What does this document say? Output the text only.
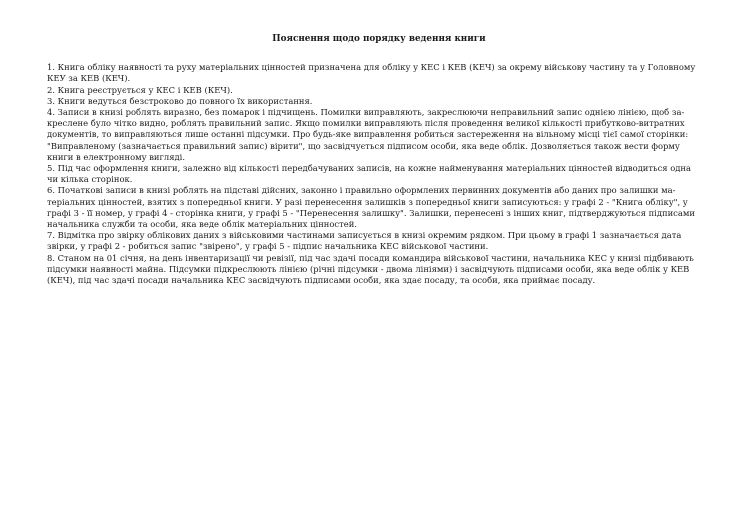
Пояснення щодо порядку ведення книги

1. Книга обліку наявності та руху матеріальних цінностей призначена для обліку у КЕС і КЕВ (КЕЧ) за окрему військову частину та у Головному

КЕУ за КЕВ (КЕЧ).

2. Книга реєструється у КЕС і КЕВ (КЕЧ).

3. Книги ведуться безстроково до повного їх використання.

4. Записи в книзі роблять виразно, без помарок і підчищень. Помилки виправляють, закреслюючи неправильний запис однією лінією, щоб за-

креслене було чітко видно, роблять правильний запис. Якщо помилки виправляють після проведення великої кількості прибутково-витратних

документів, то виправляються лише останні підсумки. Про будь-яке виправлення робиться застереження на вільному місці тієї самої сторінки:

"Виправленому (зазначається правильний запис) вірити", що засвідчується підписом особи, яка веде облік. Дозволяється також вести форму

книги в електронному вигляді.

5. Під час оформлення книги, залежно від кількості передбачуваних записів, на кожне найменування матеріальних цінностей відводиться одна

чи кілька сторінок.

6. Початкові записи в книзі роблять на підставі дійсних, законно і правильно оформлених первинних документів або даних про залишки ма-

теріальних цінностей, взятих з попередньої книги. У разі перенесення залишків з попередньої книги записуються: у графі 2 - "Книга обліку", у

графі 3 - її номер, у графі 4 - сторінка книги, у графі 5 - "Перенесення залишку". Залишки, перенесені з інших книг, підтверджуються підписами

начальника служби та особи, яка веде облік матеріальних цінностей.

7. Відмітка про звірку облікових даних з військовими частинами записується в книзі окремим рядком. При цьому в графі 1 зазначається дата

звірки, у графі 2 - робиться запис "звірено", у графі 5 - підпис начальника КЕС військової частини.

8. Станом на 01 січня, на день інвентаризації чи ревізії, під час здачі посади командира військової частини, начальника КЕС у книзі підбивають

підсумки наявності майна. Підсумки підкреслюють лінією (річні підсумки - двома лініями) і засвідчують підписами особи, яка веде облік у КЕВ

(КЕЧ), під час здачі посади начальника КЕС засвідчують підписами особи, яка здає посаду, та особи, яка приймає посаду.
